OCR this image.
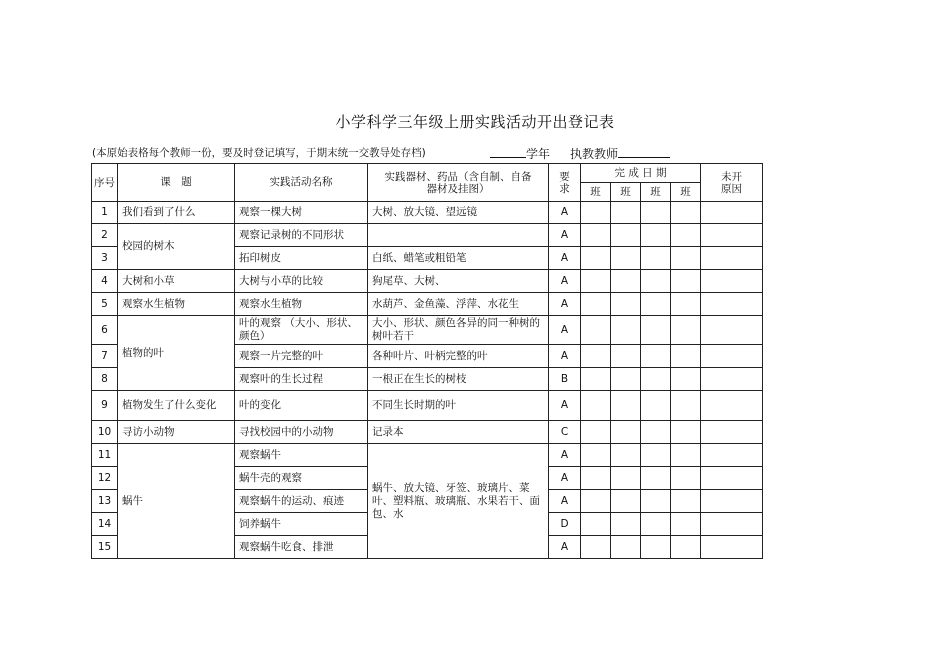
小学科学三年级上册实践活动开出登记表
(本原始表格每个教师一份，要及时登记填写，于期末统一交教导处存档)	学年 执教教师
序号	课　题	实践活动名称	实践器材、药品（含自制、自备器材及挂图）	要求	完 成 日 期				未开原因
					班	班	班	班	
1	我们看到了什么	观察一棵大树	大树、放大镜、望远镜	A					
2	校园的树木	观察记录树的不同形状		A					
3		拓印树皮	白纸、蜡笔或粗铅笔	A					
4	大树和小草	大树与小草的比较	狗尾草、大树、	A					
5	观察水生植物	观察水生植物	水葫芦、金鱼藻、浮萍、水花生	A					
6	植物的叶	叶的观察 （大小、形状、颜色）	大小、形状、颜色各异的同一种树的树叶若干	A					
7		观察一片完整的叶	各种叶片、叶柄完整的叶	A					
8		观察叶的生长过程	一根正在生长的树枝	B					
9	植物发生了什么变化	叶的变化	不同生长时期的叶	A					
10	寻访小动物	寻找校园中的小动物	记录本	C					
11	蜗牛	观察蜗牛	蜗牛、放大镜、牙签、玻璃片、菜叶、塑料瓶、玻璃瓶、水果若干、面包、水	A					
12		蜗牛壳的观察		A					
13		观察蜗牛的运动、痕迹		A					
14		饲养蜗牛		D					
15		观察蜗牛吃食、排泄		A					
